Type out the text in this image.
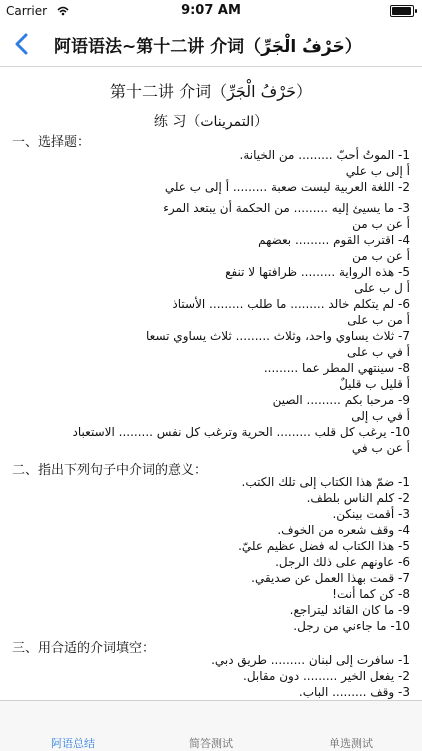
Carrier	9:07 AM
阿语语法~第十二讲 介词（حَرْفُ الْجَرِّ）
第十二讲 介词（حَرْفُ الْجَرِّ）
练 习（التمرينات）
一、选择题：
1- الموتُ أحبّ ......... من الخيانة.
أ إلى ب علي
2- اللغة العربية ليست صعبة ......... أ إلى ب علي
3- ما يسيئ إليه ......... من الحكمة أن يبتعد المرء
أ عن ب من
4- اقترب القوم ......... بعضهم
أ عن ب من
5- هذه الرواية ......... ظرافتها لا تنفع
أ ل ب على
6- لم يتكلم خالد ......... ما طلب ......... الأستاذ
أ من ب على
7- ثلاث يساوي واحد، وثلاث ......... ثلاث يساوي تسعا
أ في ب على
8- سينتهي المطر عما .........
أ قليل ب قليلٌ
9- مرحبا بكم ......... الصين
أ في ب إلى
10- يرغب كل قلب ......... الحرية وترغب كل نفس ......... الاستعباد
أ عن ب في
二、指出下列句子中介词的意义：
1- ضمّ هذا الكتاب إلى تلك الكتب.
2- كلم الناس بلطف.
3- أقمت بينكن.
4- وقف شعره من الخوف.
5- هذا الكتاب له فضل عظيم عليّ.
6- عاونهم على ذلك الرجل.
7- قمت بهذا العمل عن صديقي.
8- كن كما أنت!
9- ما كان القائد ليتراجع.
10- ما جاءني من رجل.
三、用合适的介词填空：
1- سافرت إلى لبنان ......... طريق دبي.
2- يفعل الخير ......... دون مقابل.
3- وقف ......... الباب.
阿语总结	简答测试	单选测试
